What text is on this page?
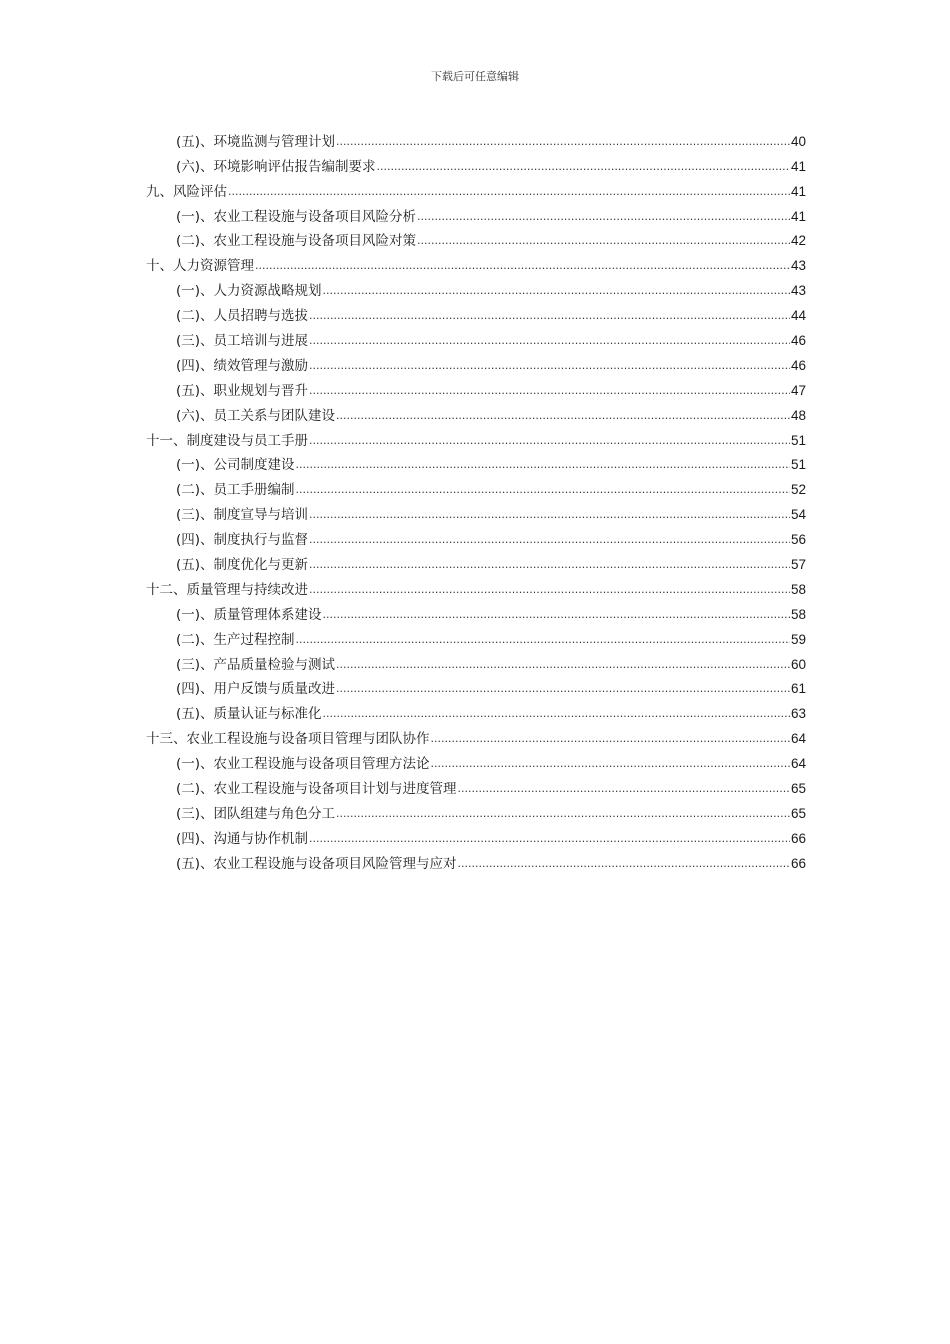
下载后可任意编辑
(五)、环境监测与管理计划 .....	40
(六)、环境影响评估报告编制要求 .....	41
九、风险评估 .....	41
(一)、农业工程设施与设备项目风险分析 .....	41
(二)、农业工程设施与设备项目风险对策 .....	42
十、人力资源管理 .....	43
(一)、人力资源战略规划 .....	43
(二)、人员招聘与选拔 .....	44
(三)、员工培训与进展 .....	46
(四)、绩效管理与激励 .....	46
(五)、职业规划与晋升 .....	47
(六)、员工关系与团队建设 .....	48
十一、制度建设与员工手册 .....	51
(一)、公司制度建设 .....	51
(二)、员工手册编制 .....	52
(三)、制度宣导与培训 .....	54
(四)、制度执行与监督 .....	56
(五)、制度优化与更新 .....	57
十二、质量管理与持续改进 .....	58
(一)、质量管理体系建设 .....	58
(二)、生产过程控制 .....	59
(三)、产品质量检验与测试 .....	60
(四)、用户反馈与质量改进 .....	61
(五)、质量认证与标准化 .....	63
十三、农业工程设施与设备项目管理与团队协作 .....	64
(一)、农业工程设施与设备项目管理方法论 .....	64
(二)、农业工程设施与设备项目计划与进度管理 .....	65
(三)、团队组建与角色分工 .....	65
(四)、沟通与协作机制 .....	66
(五)、农业工程设施与设备项目风险管理与应对 .....	66
